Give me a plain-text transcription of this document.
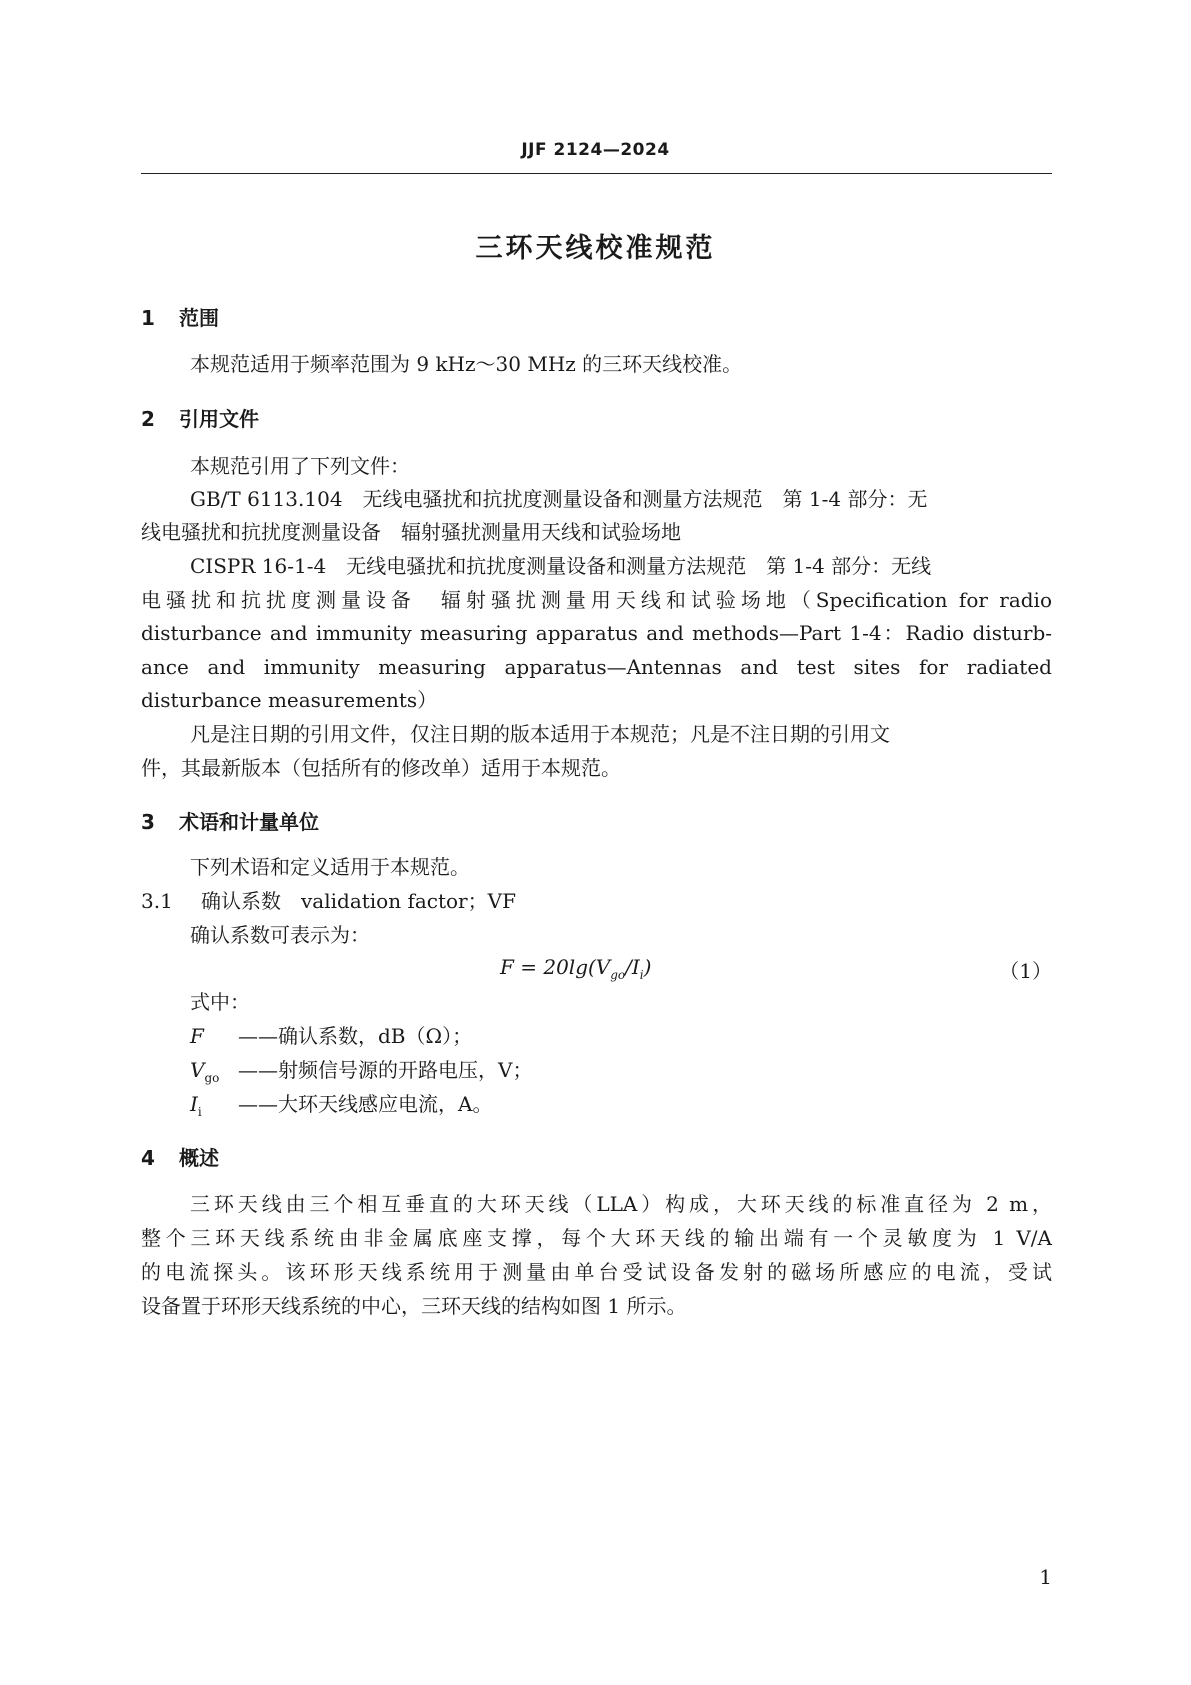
JJF 2124—2024
三环天线校准规范
1 范围
本规范适用于频率范围为 9 kHz～30 MHz 的三环天线校准。
2 引用文件
本规范引用了下列文件：
GB/T 6113.104　无线电骚扰和抗扰度测量设备和测量方法规范　第 1-4 部分：无
线电骚扰和抗扰度测量设备　辐射骚扰测量用天线和试验场地
CISPR 16-1-4　无线电骚扰和抗扰度测量设备和测量方法规范　第 1-4 部分：无线
电骚扰和抗扰度测量设备　辐射骚扰测量用天线和试验场地（Specification for radio
disturbance and immunity measuring apparatus and methods—Part 1-4：Radio disturb-
ance and immunity measuring apparatus—Antennas and test sites for radiated
disturbance measurements）
凡是注日期的引用文件，仅注日期的版本适用于本规范；凡是不注日期的引用文
件，其最新版本（包括所有的修改单）适用于本规范。
3 术语和计量单位
下列术语和定义适用于本规范。
3.1 确认系数　validation factor；VF
确认系数可表示为：
$F = 20\lg(V_{go}/I_i)$	（1）
式中：
F ——确认系数，dB（Ω）；
$V_{go}$ ——射频信号源的开路电压，V；
$I_i$ ——大环天线感应电流，A。
4 概述
三环天线由三个相互垂直的大环天线（LLA）构成，大环天线的标准直径为 2 m，
整个三环天线系统由非金属底座支撑，每个大环天线的输出端有一个灵敏度为 1 V/A
的电流探头。该环形天线系统用于测量由单台受试设备发射的磁场所感应的电流，受试
设备置于环形天线系统的中心，三环天线的结构如图 1 所示。
1
